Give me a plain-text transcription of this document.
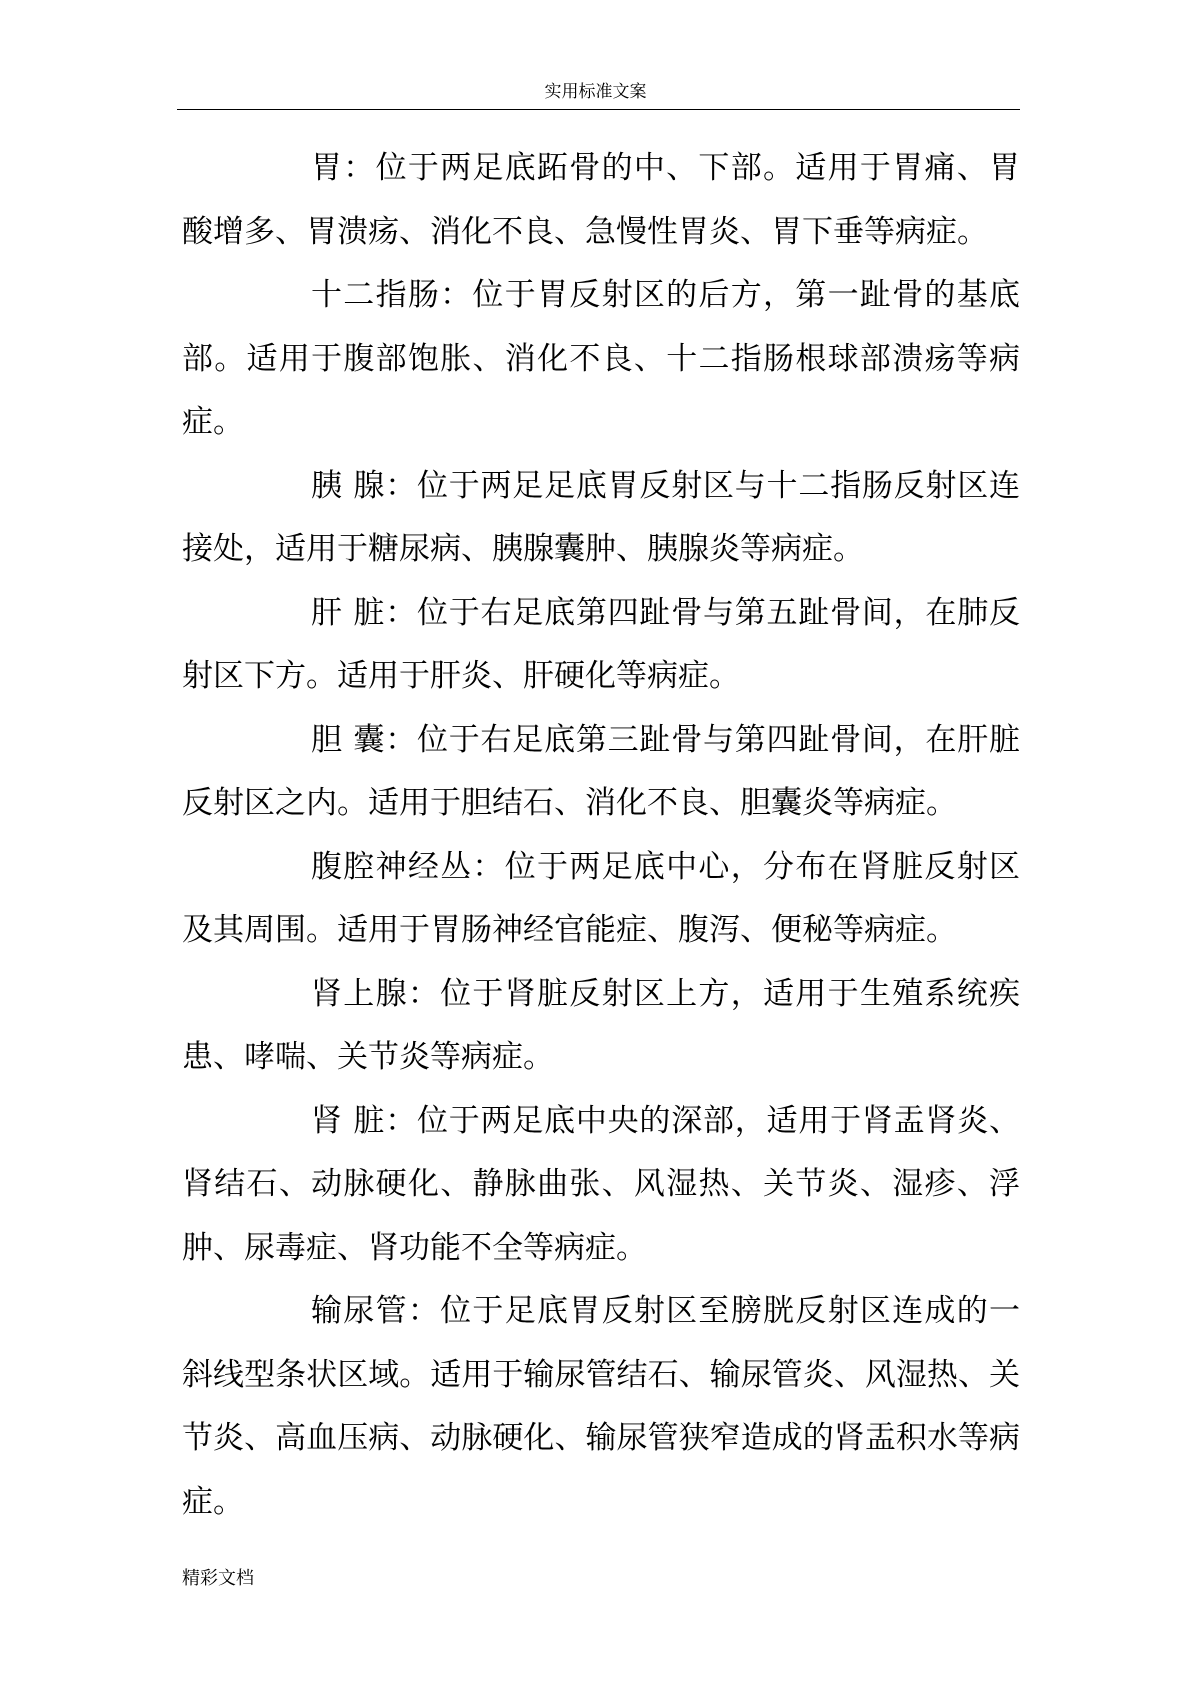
实用标准文案

胃：位于两足底跖骨的中、下部。适用于胃痛、胃酸增多、胃溃疡、消化不良、急慢性胃炎、胃下垂等病症。

十二指肠：位于胃反射区的后方，第一趾骨的基底部。适用于腹部饱胀、消化不良、十二指肠根球部溃疡等病症。

胰 腺：位于两足足底胃反射区与十二指肠反射区连接处，适用于糖尿病、胰腺囊肿、胰腺炎等病症。

肝 脏：位于右足底第四趾骨与第五趾骨间，在肺反射区下方。适用于肝炎、肝硬化等病症。

胆 囊：位于右足底第三趾骨与第四趾骨间，在肝脏反射区之内。适用于胆结石、消化不良、胆囊炎等病症。

腹腔神经丛：位于两足底中心，分布在肾脏反射区及其周围。适用于胃肠神经官能症、腹泻、便秘等病症。

肾上腺：位于肾脏反射区上方，适用于生殖系统疾患、哮喘、关节炎等病症。

肾 脏：位于两足底中央的深部，适用于肾盂肾炎、肾结石、动脉硬化、静脉曲张、风湿热、关节炎、湿疹、浮肿、尿毒症、肾功能不全等病症。

输尿管：位于足底胃反射区至膀胱反射区连成的一斜线型条状区域。适用于输尿管结石、输尿管炎、风湿热、关节炎、高血压病、动脉硬化、输尿管狭窄造成的肾盂积水等病症。

精彩文档
